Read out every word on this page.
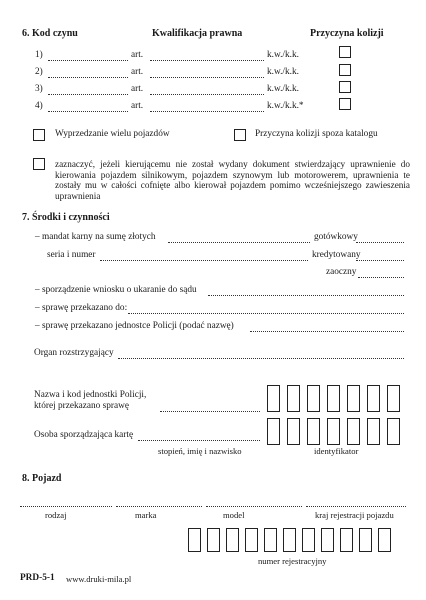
6. Kod czynu	Kwalifikacja prawna	Przyczyna kolizji
1)	art.	k.w./k.k.
2)	art.	k.w./k.k.
3)	art.	k.w./k.k.
4)	art.	k.w./k.k.*
Wyprzedzanie wielu pojazdów	Przyczyna kolizji spoza katalogu
zaznaczyć, jeżeli kierującemu nie został wydany dokument stwierdzający uprawnienie do kierowania pojazdem silnikowym, pojazdem szynowym lub motorowerem, uprawnienia te zostały mu w całości cofnięte albo kierował pojazdem pomimo wcześniejszego zawieszenia uprawnienia
7. Środki i czynności
– mandat karny na sumę złotych	gotówkowy
seria i numer	kredytowany
zaoczny
– sporządzenie wniosku o ukaranie do sądu
– sprawę przekazano do:
– sprawę przekazano jednostce Policji (podać nazwę)
Organ rozstrzygający
Nazwa i kod jednostki Policji,
której przekazano sprawę
Osoba sporządzająca kartę
stopień, imię i nazwisko	identyfikator
8. Pojazd
rodzaj	marka	model	kraj rejestracji pojazdu
numer rejestracyjny
PRD-5-1 www.druki-mila.pl
